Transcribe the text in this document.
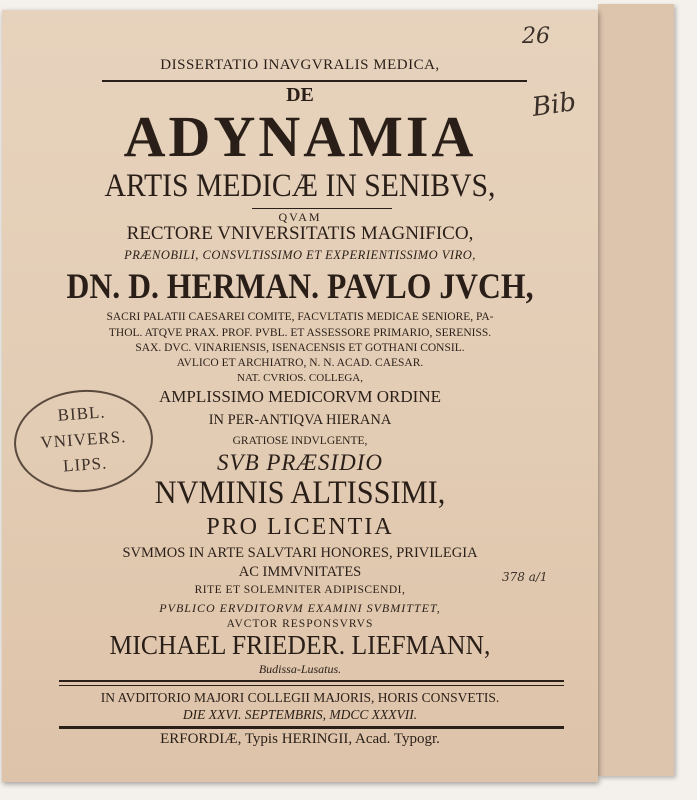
DISSERTATIO INAVGVRALIS MEDICA,
DE
ADYNAMIA
ARTIS MEDICÆ IN SENIBVS,
QVAM
RECTORE VNIVERSITATIS MAGNIFICO,
PRÆNOBILI, CONSVLTISSIMO ET EXPERIENTISSIMO VIRO,
DN. D. HERMAN. PAVLO JVCH,
SACRI PALATII CAESAREI COMITE, FACVLTATIS MEDICAE SENIORE, PA-
THOL. ATQVE PRAX. PROF. PVBL. ET ASSESSORE PRIMARIO, SERENISS.
SAX. DVC. VINARIENSIS, ISENACENSIS ET GOTHANI CONSIL.
AVLICO ET ARCHIATRO, N. N. ACAD. CAESAR.
NAT. CVRIOS. COLLEGA,
AMPLISSIMO MEDICORVM ORDINE
IN PER-ANTIQVA HIERANA
GRATIOSE INDVLGENTE,
SVB PRÆSIDIO
NVMINIS ALTISSIMI,
PRO LICENTIA
SVMMOS IN ARTE SALVTARI HONORES, PRIVILEGIA
AC IMMVNITATES
RITE ET SOLEMNITER ADIPISCENDI,
PVBLICO ERVDITORVM EXAMINI SVBMITTET,
AVCTOR RESPONSVRVS
MICHAEL FRIEDER. LIEFMANN,
Budissa-Lusatus.
IN AVDITORIO MAJORI COLLEGII MAJORIS, HORIS CONSVETIS.
DIE XXVI. SEPTEMBRIS, MDCC XXXVII.
ERFORDIÆ, Typis HERINGII, Acad. Typogr.
26
Bib
378 a/1
BIBL.
VNIVERS.
LIPS.
